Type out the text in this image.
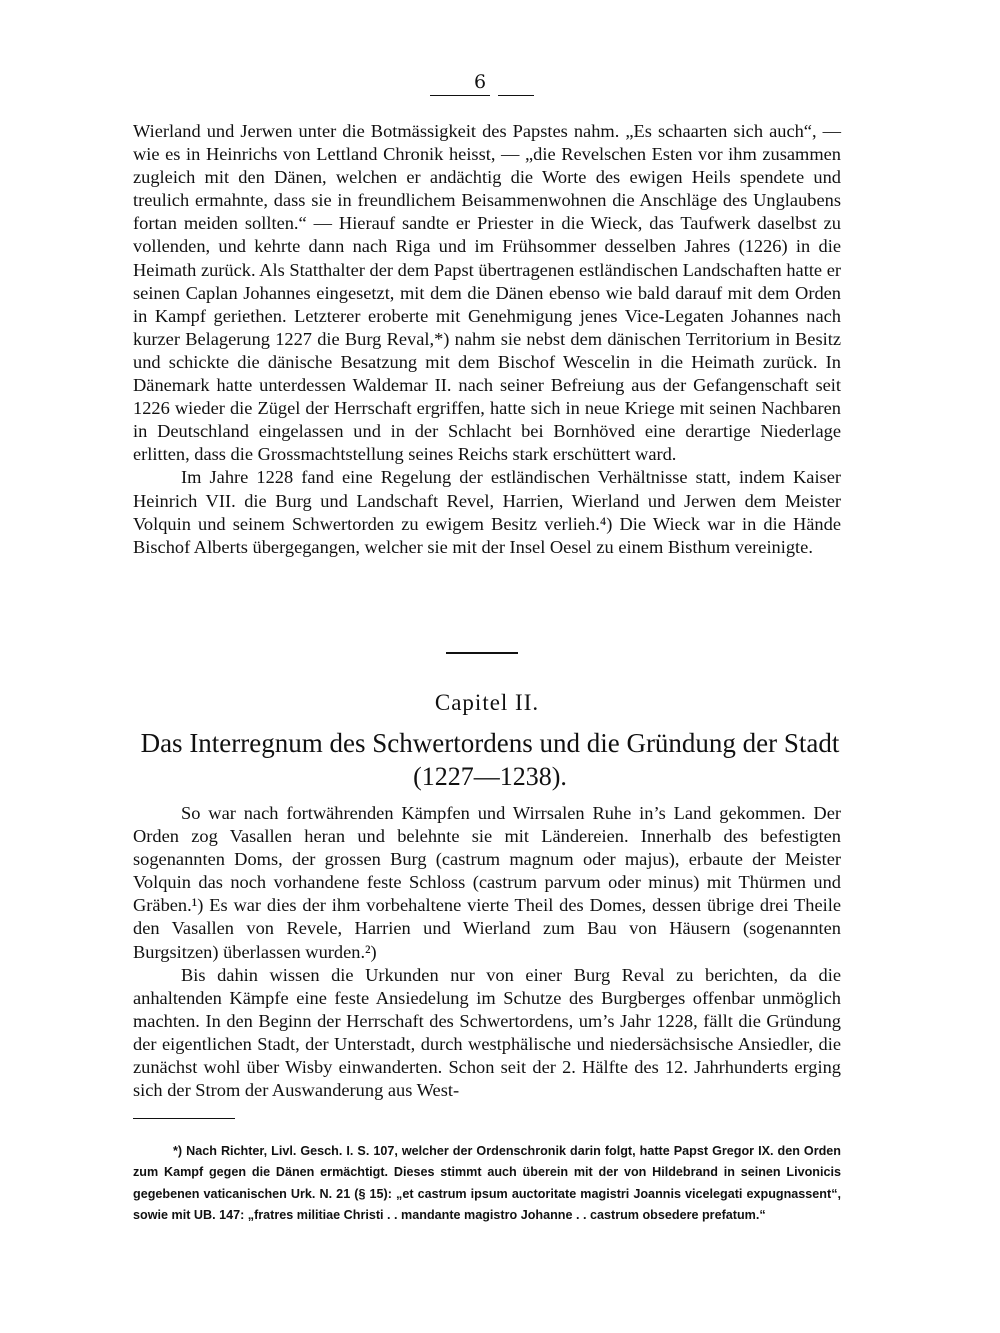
6

Wierland und Jerwen unter die Botmässigkeit des Papstes nahm. „Es schaarten sich auch“, — wie es in Heinrichs von Lettland Chronik heisst, — „die Revelschen Esten vor ihm zusammen zugleich mit den Dänen, welchen er andächtig die Worte des ewigen Heils spendete und treulich ermahnte, dass sie in freundlichem Beisammenwohnen die Anschläge des Unglaubens fortan meiden sollten.“ — Hierauf sandte er Priester in die Wieck, das Taufwerk daselbst zu vollenden, und kehrte dann nach Riga und im Frühsommer desselben Jahres (1226) in die Heimath zurück. Als Statthalter der dem Papst übertragenen estländischen Landschaften hatte er seinen Caplan Johannes eingesetzt, mit dem die Dänen ebenso wie bald darauf mit dem Orden in Kampf geriethen. Letzterer eroberte mit Genehmigung jenes Vice-Legaten Johannes nach kurzer Belagerung 1227 die Burg Reval,*) nahm sie nebst dem dänischen Territorium in Besitz und schickte die dänische Besatzung mit dem Bischof Wescelin in die Heimath zurück. In Dänemark hatte unterdessen Waldemar II. nach seiner Befreiung aus der Gefangenschaft seit 1226 wieder die Zügel der Herrschaft ergriffen, hatte sich in neue Kriege mit seinen Nachbaren in Deutschland eingelassen und in der Schlacht bei Bornhöved eine derartige Niederlage erlitten, dass die Grossmachtstellung seines Reichs stark erschüttert ward.

Im Jahre 1228 fand eine Regelung der estländischen Verhältnisse statt, indem Kaiser Heinrich VII. die Burg und Landschaft Revel, Harrien, Wierland und Jerwen dem Meister Volquin und seinem Schwertorden zu ewigem Besitz verlieh.⁴) Die Wieck war in die Hände Bischof Alberts übergegangen, welcher sie mit der Insel Oesel zu einem Bisthum vereinigte.

Capitel II.
Das Interregnum des Schwertordens und die Gründung der Stadt
(1227—1238).

So war nach fortwährenden Kämpfen und Wirrsalen Ruhe in’s Land gekommen. Der Orden zog Vasallen heran und belehnte sie mit Ländereien. Innerhalb des befestigten sogenannten Doms, der grossen Burg (castrum magnum oder majus), erbaute der Meister Volquin das noch vorhandene feste Schloss (castrum parvum oder minus) mit Thürmen und Gräben.¹) Es war dies der ihm vorbehaltene vierte Theil des Domes, dessen übrige drei Theile den Vasallen von Revele, Harrien und Wierland zum Bau von Häusern (sogenannten Burgsitzen) überlassen wurden.²)

Bis dahin wissen die Urkunden nur von einer Burg Reval zu berichten, da die anhaltenden Kämpfe eine feste Ansiedelung im Schutze des Burgberges offenbar unmöglich machten. In den Beginn der Herrschaft des Schwertordens, um’s Jahr 1228, fällt die Gründung der eigentlichen Stadt, der Unterstadt, durch westphälische und niedersächsische Ansiedler, die zunächst wohl über Wisby einwanderten. Schon seit der 2. Hälfte des 12. Jahrhunderts erging sich der Strom der Auswanderung aus West-

*) Nach Richter, Livl. Gesch. I. S. 107, welcher der Ordenschronik darin folgt, hatte Papst Gregor IX. den Orden zum Kampf gegen die Dänen ermächtigt. Dieses stimmt auch überein mit der von Hildebrand in seinen Livonicis gegebenen vaticanischen Urk. N. 21 (§ 15): „et castrum ipsum auctoritate magistri Joannis vicelegati expugnassent“, sowie mit UB. 147: „fratres militiae Christi . . mandante magistro Johanne . . castrum obsedere prefatum.“
